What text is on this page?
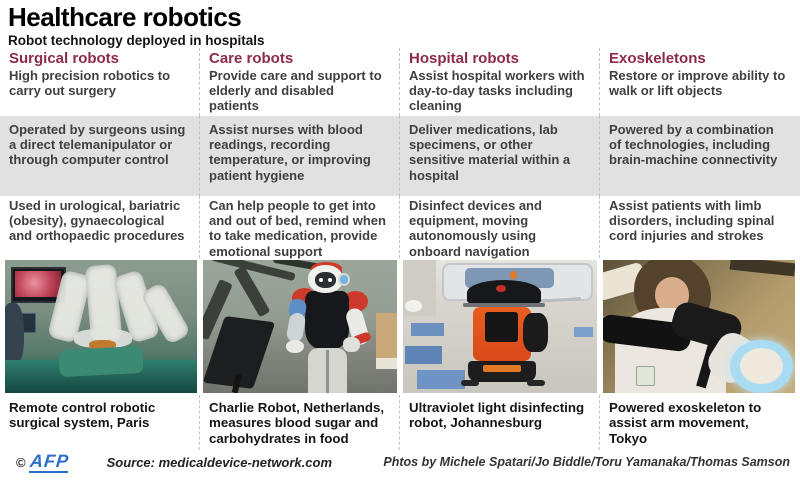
Healthcare robotics
Robot technology deployed in hospitals
Surgical robots
High precision robotics to carry out surgery
Operated by surgeons using a direct telemanipulator or through computer control
Used in urological, bariatric (obesity), gynaecological and orthopaedic procedures
Remote control robotic surgical system, Paris
Care robots
Provide care and support to elderly and disabled patients
Assist nurses with blood readings, recording temperature, or improving patient hygiene
Can help people to get into and out of bed, remind when to take medication, provide emotional support
Charlie Robot, Netherlands, measures blood sugar and carbohydrates in food
Hospital robots
Assist hospital workers with day-to-day tasks including cleaning
Deliver medications, lab specimens, or other sensitive material within a hospital
Disinfect devices and equipment, moving autonomously using onboard navigation
Ultraviolet light disinfecting robot, Johannesburg
Exoskeletons
Restore or improve ability to walk or lift objects
Powered by a combination of technologies, including brain-machine connectivity
Assist patients with limb disorders, including spinal cord injuries and strokes
Powered exoskeleton to assist arm movement, Tokyo
© AFP	Source: medicaldevice-network.com	Phtos by Michele Spatari/Jo Biddle/Toru Yamanaka/Thomas Samson
